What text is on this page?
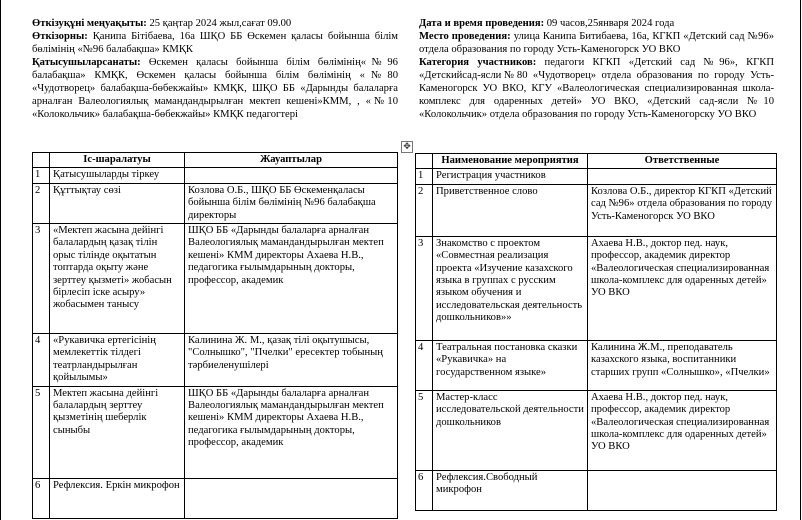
Өткізуқұні меңуақыты: 25 қаңтар 2024 жыл,сағат 09.00

Өткізорны: Қанипа Бітібаева, 16а ШҚО ББ Өскемен қаласы бойынша білім бөлімінің «№96 балабақша» КМҚК

Қатысушыларсанаты: Өскемен қаласы бойынша білім бөлімінің«№96 балабақша» КМҚК, Өскемен қаласы бойынша білім бөлімінің «№80 «Чудотворец» балабақша-бөбекжайы» КМҚК, ШҚО ББ «Дарынды балаларға арналған Валеологиялық мамандандырылған мектеп кешені»КММ, , «№10 «Колокольчик» балабақша-бөбекжайы» КМҚК педагогтері

	Іс-шаралатуы	Жауаптылар
1	Қатысушыларды тіркеу	
2	Құттықтау сөзі	Козлова О.Б., ШҚО ББ Өскеменқаласы бойынша білім бөлімінің №96 балабақша директоры
3	«Мектеп жасына дейінгі балалардың қазақ тілін орыс тілінде оқытатын топтарда оқыту және зерттеу қызметі» жобасын бірлесіп іске асыру» жобасымен танысу	ШҚО ББ «Дарынды балаларға арналған Валеологиялық мамандандырылған мектеп кешені» КММ директоры Ахаева Н.В., педагогика ғылымдарының докторы, профессор, академик
4	«Рукавичка ертегісінің мемлекеттік тілдегі театрландырылған қойылымы»	Калинина Ж. М., қазақ тілі оқытушысы, "Солнышко", "Пчелки" ересектер тобының тәрбиеленушілері
5	Мектеп жасына дейінгі балалардың зерттеу қызметінің шеберлік сыныбы	ШҚО ББ «Дарынды балаларға арналған Валеологиялық мамандандырылған мектеп кешені» КММ директоры Ахаева Н.В., педагогика ғылымдарының докторы, профессор, академик
6	Рефлексия. Еркін микрофон	

Дата и время проведения: 09 часов,25января 2024 года

Место проведения: улица Канипа Битибаева, 16а, КГКП «Детский сад №96» отдела образования по городу Усть-Каменогорск УО ВКО

Категория участников: педагоги КГКП «Детский сад №96», КГКП «Детскийсад-ясли№80 «Чудотворец» отдела образования по городу Усть-Каменогорск УО ВКО, КГУ «Валеологическая специализированная школа-комплекс для одаренных детей» УО ВКО, «Детский сад-ясли №10 «Колокольчик» отдела образования по городу Усть-Каменогорску УО ВКО

✥
	Наименование мероприятия	Ответственные
1	Регистрация участников	
2	Приветственное слово	Козлова О.Б., директор КГКП «Детский сад №96» отдела образования по городу Усть-Каменогорск УО ВКО
3	Знакомство с проектом «Совместная реализация проекта «Изучение казахского языка в группах с русским языком обучения и исследовательская деятельность дошкольников»»	Ахаева Н.В., доктор пед. наук, профессор, академик директор «Валеологическая специализированная школа-комплекс для одаренных детей» УО ВКО
4	Театральная постановка сказки «Рукавичка» на государственном языке»	Калинина Ж.М., преподаватель казахского языка, воспитанники старших групп «Солнышко», «Пчелки»
5	Мастер-класс исследовательской деятельности дошкольников	Ахаева Н.В., доктор пед. наук, профессор, академик директор «Валеологическая специализированная школа-комплекс для одаренных детей» УО ВКО
6	Рефлексия.Свободный микрофон	
